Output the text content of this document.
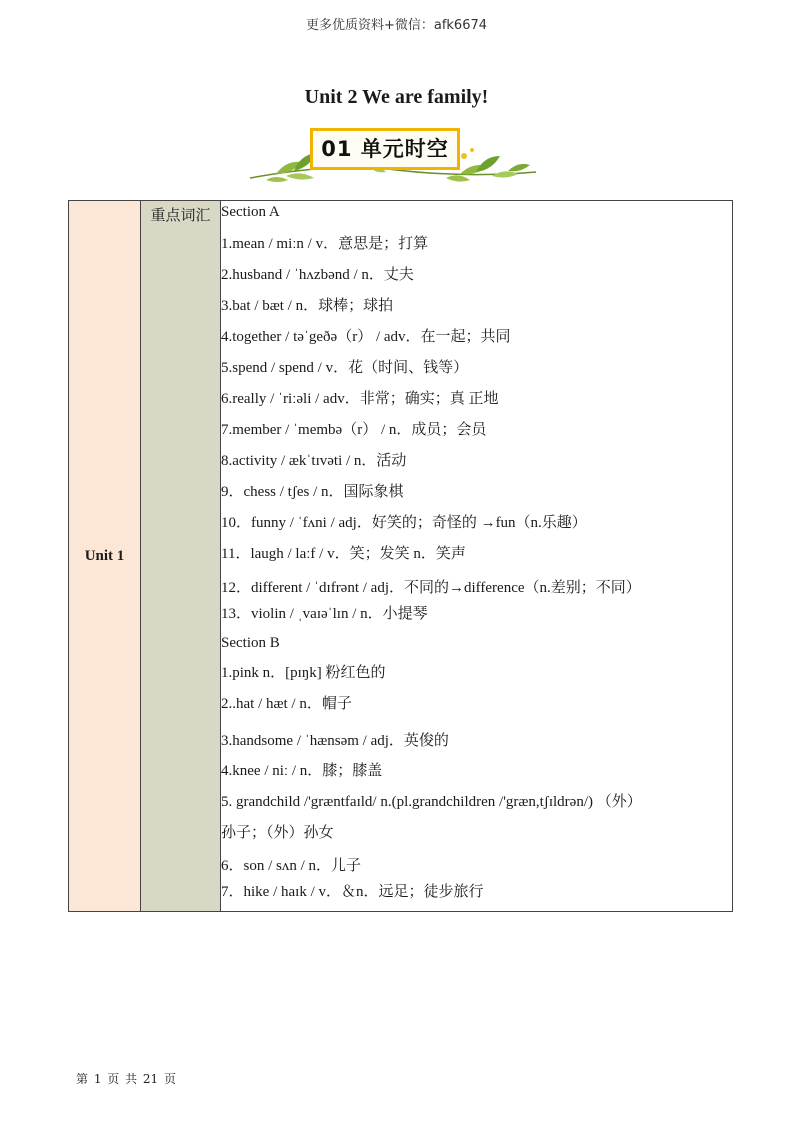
更多优质资料+微信：afk6674
Unit 2 We are family!
01 单元时空
Unit 1	
重点词汇	Section A
1.mean / miːn / v．意思是；打算
2.husband / ˈhʌzbənd / n．丈夫
3.bat / bæt / n．球棒；球拍
4.together / təˈgeðə（r） / adv．在一起；共同
5.spend / spend / v．花（时间、钱等）
6.really / ˈriːəli / adv．非常；确实；真 正地
7.member / ˈmembə（r） / n．成员；会员
8.activity / ækˈtɪvəti / n．活动
9．chess / tʃes / n．国际象棋
10．funny / ˈfʌni / adj．好笑的；奇怪的 →fun（n.乐趣）
11．laugh / laːf / v．笑；发笑 n．笑声
12．different / ˈdɪfrənt / adj．不同的→difference（n.差别；不同）
13．violin / ˌvaɪəˈlɪn / n．小提琴
Section B
1.pink n．[pɪŋk] 粉红色的
2..hat / hæt / n．帽子
3.handsome / ˈhænsəm / adj．英俊的
4.knee / niː / n．膝；膝盖
5. grandchild /'græntfaɪld/ n.(pl.grandchildren /'græn,tʃɪldrən/) （外）
孙子；（外）孙女
6．son / sʌn / n．儿子
7．hike / haɪk / v．＆n．远足；徒步旅行
第 1 页 共 21 页
